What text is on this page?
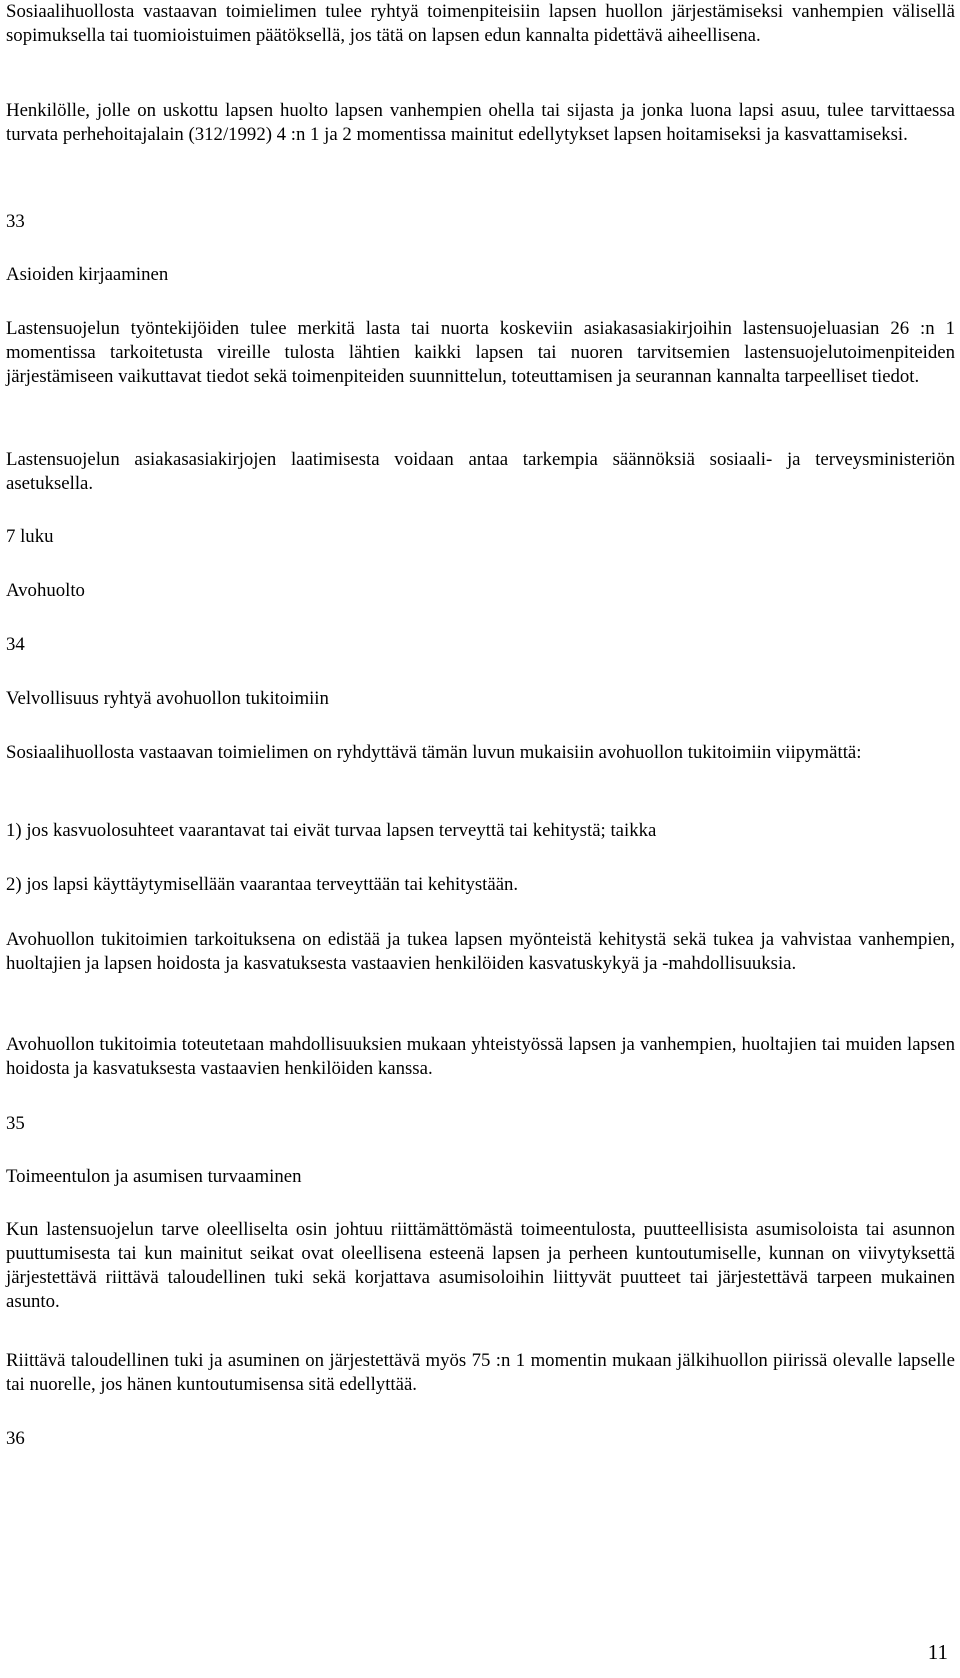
Sosiaalihuollosta vastaavan toimielimen tulee ryhtyä toimenpiteisiin lapsen huollon järjestämiseksi vanhempien välisellä sopimuksella tai tuomioistuimen päätöksellä, jos tätä on lapsen edun kannalta pidettävä aiheellisena.

Henkilölle, jolle on uskottu lapsen huolto lapsen vanhempien ohella tai sijasta ja jonka luona lapsi asuu, tulee tarvittaessa turvata perhehoitajalain (312/1992) 4 :n 1 ja 2 momentissa mainitut edellytykset lapsen hoitamiseksi ja kasvattamiseksi.

33

Asioiden kirjaaminen

Lastensuojelun työntekijöiden tulee merkitä lasta tai nuorta koskeviin asiakasasiakirjoihin lastensuojeluasian 26 :n 1 momentissa tarkoitetusta vireille tulosta lähtien kaikki lapsen tai nuoren tarvitsemien lastensuojelutoimenpiteiden järjestämiseen vaikuttavat tiedot sekä toimenpiteiden suunnittelun, toteuttamisen ja seurannan kannalta tarpeelliset tiedot.

Lastensuojelun asiakasasiakirjojen laatimisesta voidaan antaa tarkempia säännöksiä sosiaali- ja terveysministeriön asetuksella.

7 luku

Avohuolto

34

Velvollisuus ryhtyä avohuollon tukitoimiin

Sosiaalihuollosta vastaavan toimielimen on ryhdyttävä tämän luvun mukaisiin avohuollon tukitoimiin viipymättä:

1) jos kasvuolosuhteet vaarantavat tai eivät turvaa lapsen terveyttä tai kehitystä; taikka

2) jos lapsi käyttäytymisellään vaarantaa terveyttään tai kehitystään.

Avohuollon tukitoimien tarkoituksena on edistää ja tukea lapsen myönteistä kehitystä sekä tukea ja vahvistaa vanhempien, huoltajien ja lapsen hoidosta ja kasvatuksesta vastaavien henkilöiden kasvatuskykyä ja -mahdollisuuksia.

Avohuollon tukitoimia toteutetaan mahdollisuuksien mukaan yhteistyössä lapsen ja vanhempien, huoltajien tai muiden lapsen hoidosta ja kasvatuksesta vastaavien henkilöiden kanssa.

35

Toimeentulon ja asumisen turvaaminen

Kun lastensuojelun tarve oleelliselta osin johtuu riittämättömästä toimeentulosta, puutteellisista asumisoloista tai asunnon puuttumisesta tai kun mainitut seikat ovat oleellisena esteenä lapsen ja perheen kuntoutumiselle, kunnan on viivytyksettä järjestettävä riittävä taloudellinen tuki sekä korjattava asumisoloihin liittyvät puutteet tai järjestettävä tarpeen mukainen asunto.

Riittävä taloudellinen tuki ja asuminen on järjestettävä myös 75 :n 1 momentin mukaan jälkihuollon piirissä olevalle lapselle tai nuorelle, jos hänen kuntoutumisensa sitä edellyttää.

36

11
